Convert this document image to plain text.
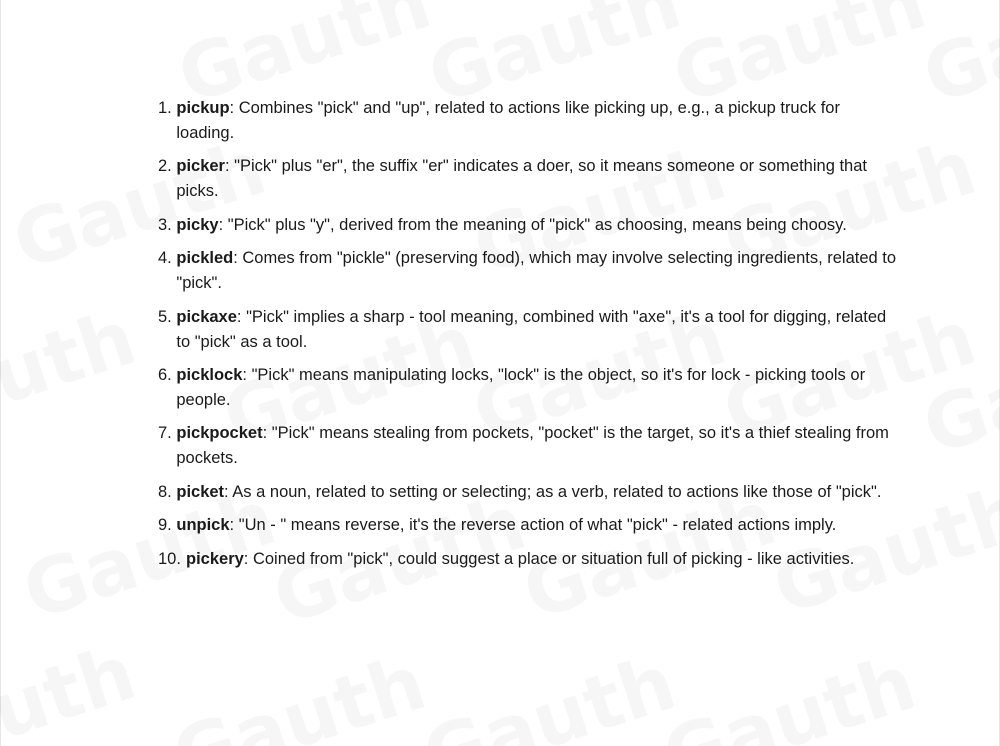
1. pickup: Combines "pick" and "up", related to actions like picking up, e.g., a pickup truck for loading.
2. picker: "Pick" plus "er", the suffix "er" indicates a doer, so it means someone or something that picks.
3. picky: "Pick" plus "y", derived from the meaning of "pick" as choosing, means being choosy.
4. pickled: Comes from "pickle" (preserving food), which may involve selecting ingredients, related to "pick".
5. pickaxe: "Pick" implies a sharp - tool meaning, combined with "axe", it's a tool for digging, related to "pick" as a tool.
6. picklock: "Pick" means manipulating locks, "lock" is the object, so it's for lock - picking tools or people.
7. pickpocket: "Pick" means stealing from pockets, "pocket" is the target, so it's a thief stealing from pockets.
8. picket: As a noun, related to setting or selecting; as a verb, related to actions like those of "pick".
9. unpick: "Un - " means reverse, it's the reverse action of what "pick" - related actions imply.
10. pickery: Coined from "pick", could suggest a place or situation full of picking - like activities.
